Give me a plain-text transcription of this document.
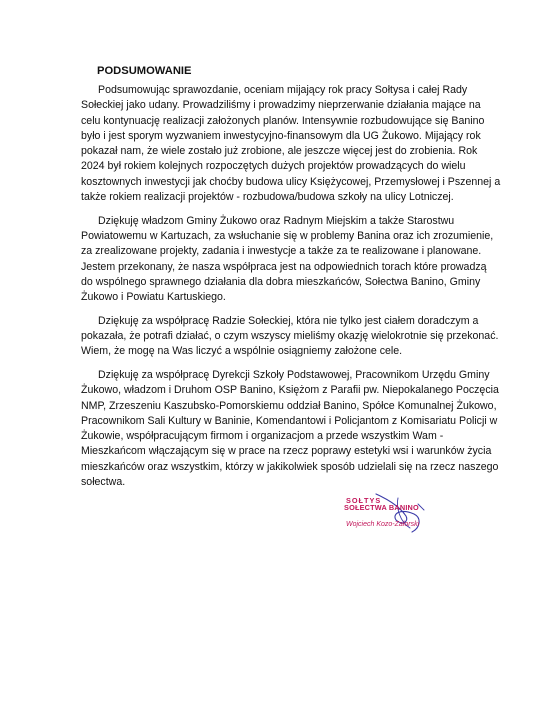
PODSUMOWANIE

Podsumowując sprawozdanie, oceniam mijający rok pracy Sołtysa i całej Rady Sołeckiej jako udany. Prowadziliśmy i prowadzimy nieprzerwanie działania mające na celu kontynuację realizacji założonych planów. Intensywnie rozbudowujące się Banino było i jest sporym wyzwaniem inwestycyjno-finansowym dla UG Żukowo. Mijający rok pokazał nam, że wiele zostało już zrobione, ale jeszcze więcej jest do zrobienia. Rok 2024 był rokiem kolejnych rozpoczętych dużych projektów prowadzących do wielu kosztownych inwestycji jak choćby budowa ulicy Księżycowej, Przemysłowej i Pszennej a także rokiem realizacji projektów - rozbudowa/budowa szkoły na ulicy Lotniczej.

Dziękuję władzom Gminy Żukowo oraz Radnym Miejskim a także Starostwu Powiatowemu w Kartuzach, za wsłuchanie się w problemy Banina oraz ich zrozumienie, za zrealizowane projekty, zadania i inwestycje a także za te realizowane i planowane. Jestem przekonany, że nasza współpraca jest na odpowiednich torach które prowadzą do wspólnego sprawnego działania dla dobra mieszkańców, Sołectwa Banino, Gminy Żukowo i Powiatu Kartuskiego.

Dziękuję za współpracę Radzie Sołeckiej, która nie tylko jest ciałem doradczym a pokazała, że potrafi działać, o czym wszyscy mieliśmy okazję wielokrotnie się przekonać. Wiem, że mogę na Was liczyć a wspólnie osiągniemy założone cele.

Dziękuję za współpracę Dyrekcji Szkoły Podstawowej, Pracownikom Urzędu Gminy Żukowo, władzom i Druhom OSP Banino, Księżom z Parafii pw. Niepokalanego Poczęcia NMP, Zrzeszeniu Kaszubsko-Pomorskiemu oddział Banino, Spółce Komunalnej Żukowo, Pracownikom Sali Kultury w Baninie, Komendantowi i Policjantom z Komisariatu Policji w Żukowie, współpracującym firmom i organizacjom a przede wszystkim Wam - Mieszkańcom włączającym się w prace na rzecz poprawy estetyki wsi i warunków życia mieszkańców oraz wszystkim, którzy w jakikolwiek sposób udzielali się na rzecz naszego sołectwa.

SOŁTYS
SOŁECTWA BANINO
Wojciech Kozo-Załorski
